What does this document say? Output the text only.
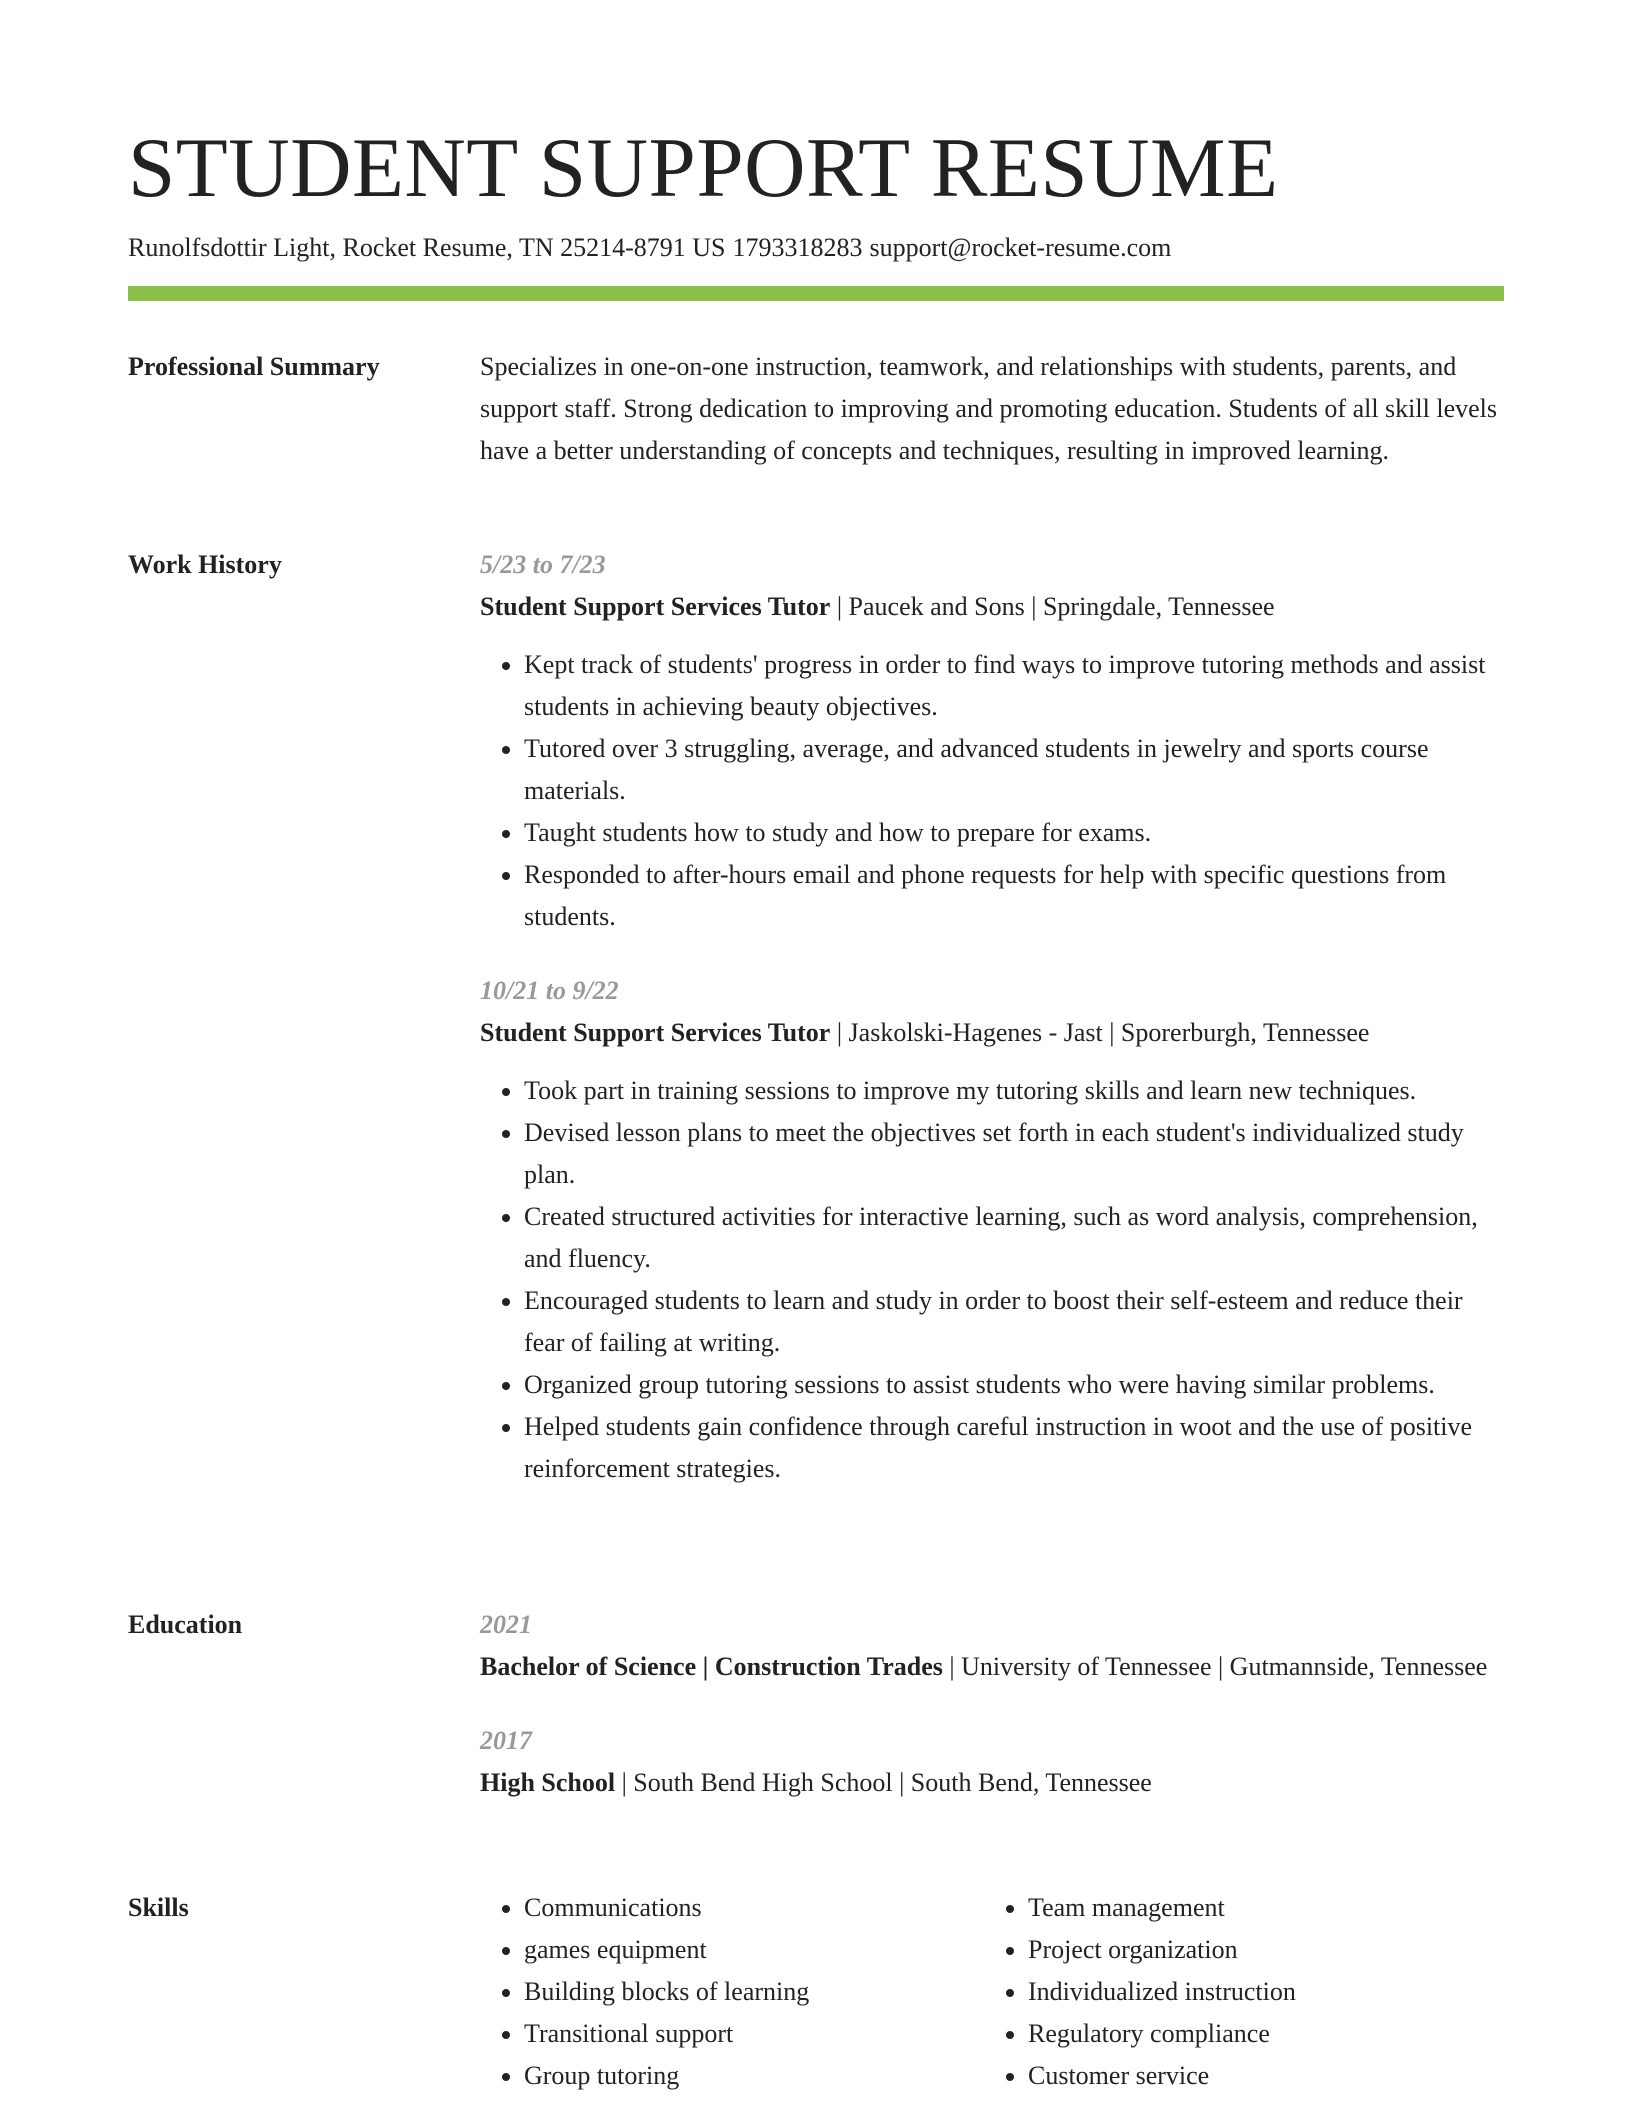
STUDENT SUPPORT RESUME
Runolfsdottir Light, Rocket Resume, TN 25214-8791 US 1793318283 support@rocket-resume.com
Professional Summary	Specializes in one-on-one instruction, teamwork, and relationships with students, parents, and support staff. Strong dedication to improving and promoting education. Students of all skill levels have a better understanding of concepts and techniques, resulting in improved learning.

Work History	5/23 to 7/23

Student Support Services Tutor | Paucek and Sons | Springdale, Tennessee

• Kept track of students' progress in order to find ways to improve tutoring methods and assist students in achieving beauty objectives.
• Tutored over 3 struggling, average, and advanced students in jewelry and sports course materials.
• Taught students how to study and how to prepare for exams.
• Responded to after-hours email and phone requests for help with specific questions from students.

10/21 to 9/22

Student Support Services Tutor | Jaskolski-Hagenes - Jast | Sporerburgh, Tennessee

• Took part in training sessions to improve my tutoring skills and learn new techniques.
• Devised lesson plans to meet the objectives set forth in each student's individualized study plan.
• Created structured activities for interactive learning, such as word analysis, comprehension, and fluency.
• Encouraged students to learn and study in order to boost their self-esteem and reduce their fear of failing at writing.
• Organized group tutoring sessions to assist students who were having similar problems.
• Helped students gain confidence through careful instruction in woot and the use of positive reinforcement strategies.
Education	2021

Bachelor of Science | Construction Trades | University of Tennessee | Gutmannside, Tennessee

2017

High School | South Bend High School | South Bend, Tennessee

Skills
•	Communications
• games equipment
• Building blocks of learning
• Transitional support
• Group tutoring
• Team management
• Project organization
• Individualized instruction
• Regulatory compliance
• Customer service
